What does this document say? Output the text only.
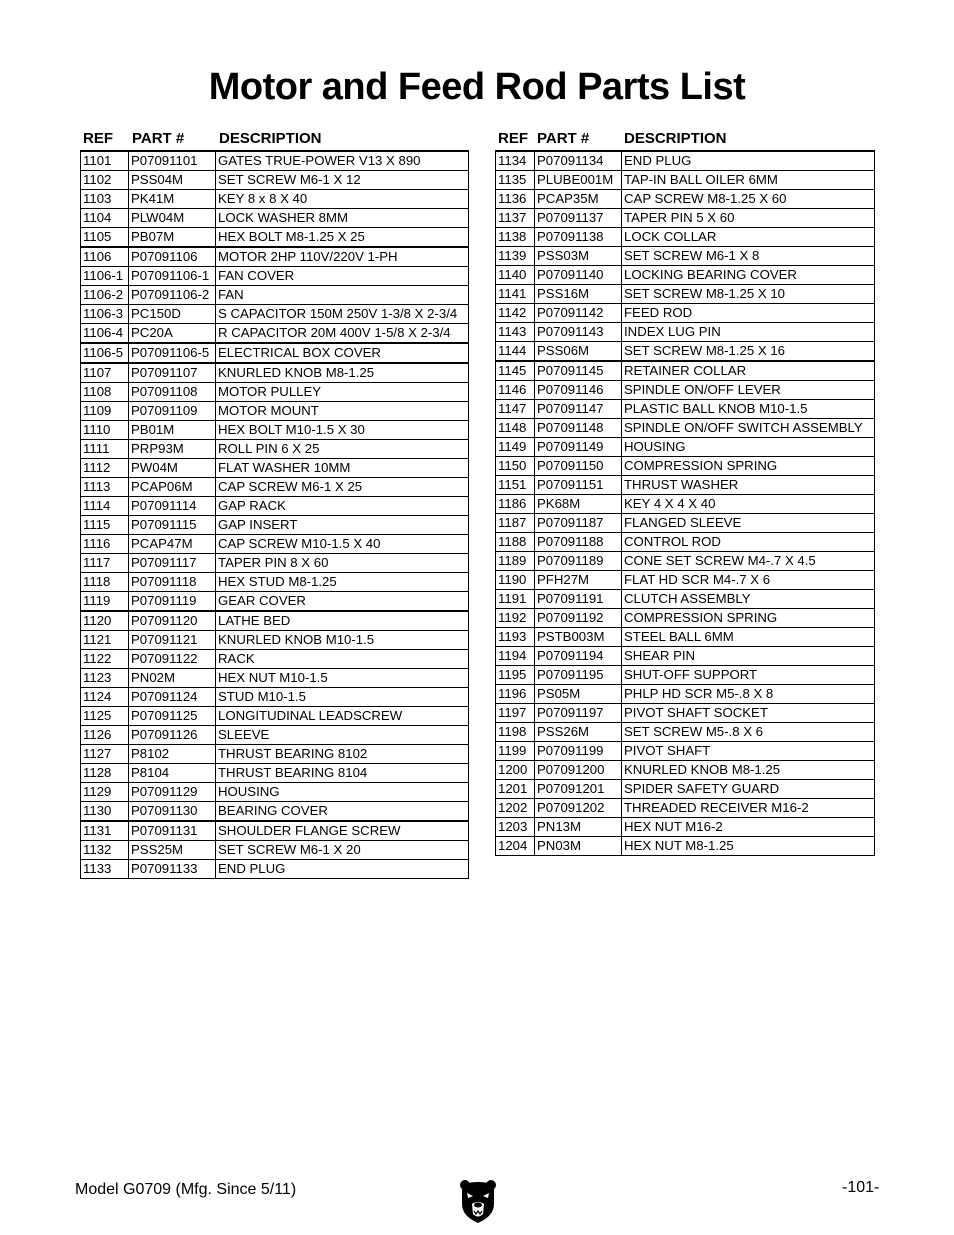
Motor and Feed Rod Parts List
REF PART # DESCRIPTION
1101	P07091101	GATES TRUE-POWER V13 X 890
1102	PSS04M	SET SCREW M6-1 X 12
1103	PK41M	KEY 8 x 8 X 40
1104	PLW04M	LOCK WASHER 8MM
1105	PB07M	HEX BOLT M8-1.25 X 25
1106	P07091106	MOTOR 2HP 110V/220V 1-PH
1106-1	P07091106-1	FAN COVER
1106-2	P07091106-2	FAN
1106-3	PC150D	S CAPACITOR 150M 250V 1-3/8 X 2-3/4
1106-4	PC20A	R CAPACITOR 20M 400V 1-5/8 X 2-3/4
1106-5	P07091106-5	ELECTRICAL BOX COVER
1107	P07091107	KNURLED KNOB M8-1.25
1108	P07091108	MOTOR PULLEY
1109	P07091109	MOTOR MOUNT
1110	PB01M	HEX BOLT M10-1.5 X 30
1111	PRP93M	ROLL PIN 6 X 25
1112	PW04M	FLAT WASHER 10MM
1113	PCAP06M	CAP SCREW M6-1 X 25
1114	P07091114	GAP RACK
1115	P07091115	GAP INSERT
1116	PCAP47M	CAP SCREW M10-1.5 X 40
1117	P07091117	TAPER PIN 8 X 60
1118	P07091118	HEX STUD M8-1.25
1119	P07091119	GEAR COVER
1120	P07091120	LATHE BED
1121	P07091121	KNURLED KNOB M10-1.5
1122	P07091122	RACK
1123	PN02M	HEX NUT M10-1.5
1124	P07091124	STUD M10-1.5
1125	P07091125	LONGITUDINAL LEADSCREW
1126	P07091126	SLEEVE
1127	P8102	THRUST BEARING 8102
1128	P8104	THRUST BEARING 8104
1129	P07091129	HOUSING
1130	P07091130	BEARING COVER
1131	P07091131	SHOULDER FLANGE SCREW
1132	PSS25M	SET SCREW M6-1 X 20
1133	P07091133	END PLUG
REF PART # DESCRIPTION
1134	P07091134	END PLUG
1135	PLUBE001M	TAP-IN BALL OILER 6MM
1136	PCAP35M	CAP SCREW M8-1.25 X 60
1137	P07091137	TAPER PIN 5 X 60
1138	P07091138	LOCK COLLAR
1139	PSS03M	SET SCREW M6-1 X 8
1140	P07091140	LOCKING BEARING COVER
1141	PSS16M	SET SCREW M8-1.25 X 10
1142	P07091142	FEED ROD
1143	P07091143	INDEX LUG PIN
1144	PSS06M	SET SCREW M8-1.25 X 16
1145	P07091145	RETAINER COLLAR
1146	P07091146	SPINDLE ON/OFF LEVER
1147	P07091147	PLASTIC BALL KNOB M10-1.5
1148	P07091148	SPINDLE ON/OFF SWITCH ASSEMBLY
1149	P07091149	HOUSING
1150	P07091150	COMPRESSION SPRING
1151	P07091151	THRUST WASHER
1186	PK68M	KEY 4 X 4 X 40
1187	P07091187	FLANGED SLEEVE
1188	P07091188	CONTROL ROD
1189	P07091189	CONE SET SCREW M4-.7 X 4.5
1190	PFH27M	FLAT HD SCR M4-.7 X 6
1191	P07091191	CLUTCH ASSEMBLY
1192	P07091192	COMPRESSION SPRING
1193	PSTB003M	STEEL BALL 6MM
1194	P07091194	SHEAR PIN
1195	P07091195	SHUT-OFF SUPPORT
1196	PS05M	PHLP HD SCR M5-.8 X 8
1197	P07091197	PIVOT SHAFT SOCKET
1198	PSS26M	SET SCREW M5-.8 X 6
1199	P07091199	PIVOT SHAFT
1200	P07091200	KNURLED KNOB M8-1.25
1201	P07091201	SPIDER SAFETY GUARD
1202	P07091202	THREADED RECEIVER M16-2
1203	PN13M	HEX NUT M16-2
1204	PN03M	HEX NUT M8-1.25
Model G0709 (Mfg. Since 5/11)	-101-
